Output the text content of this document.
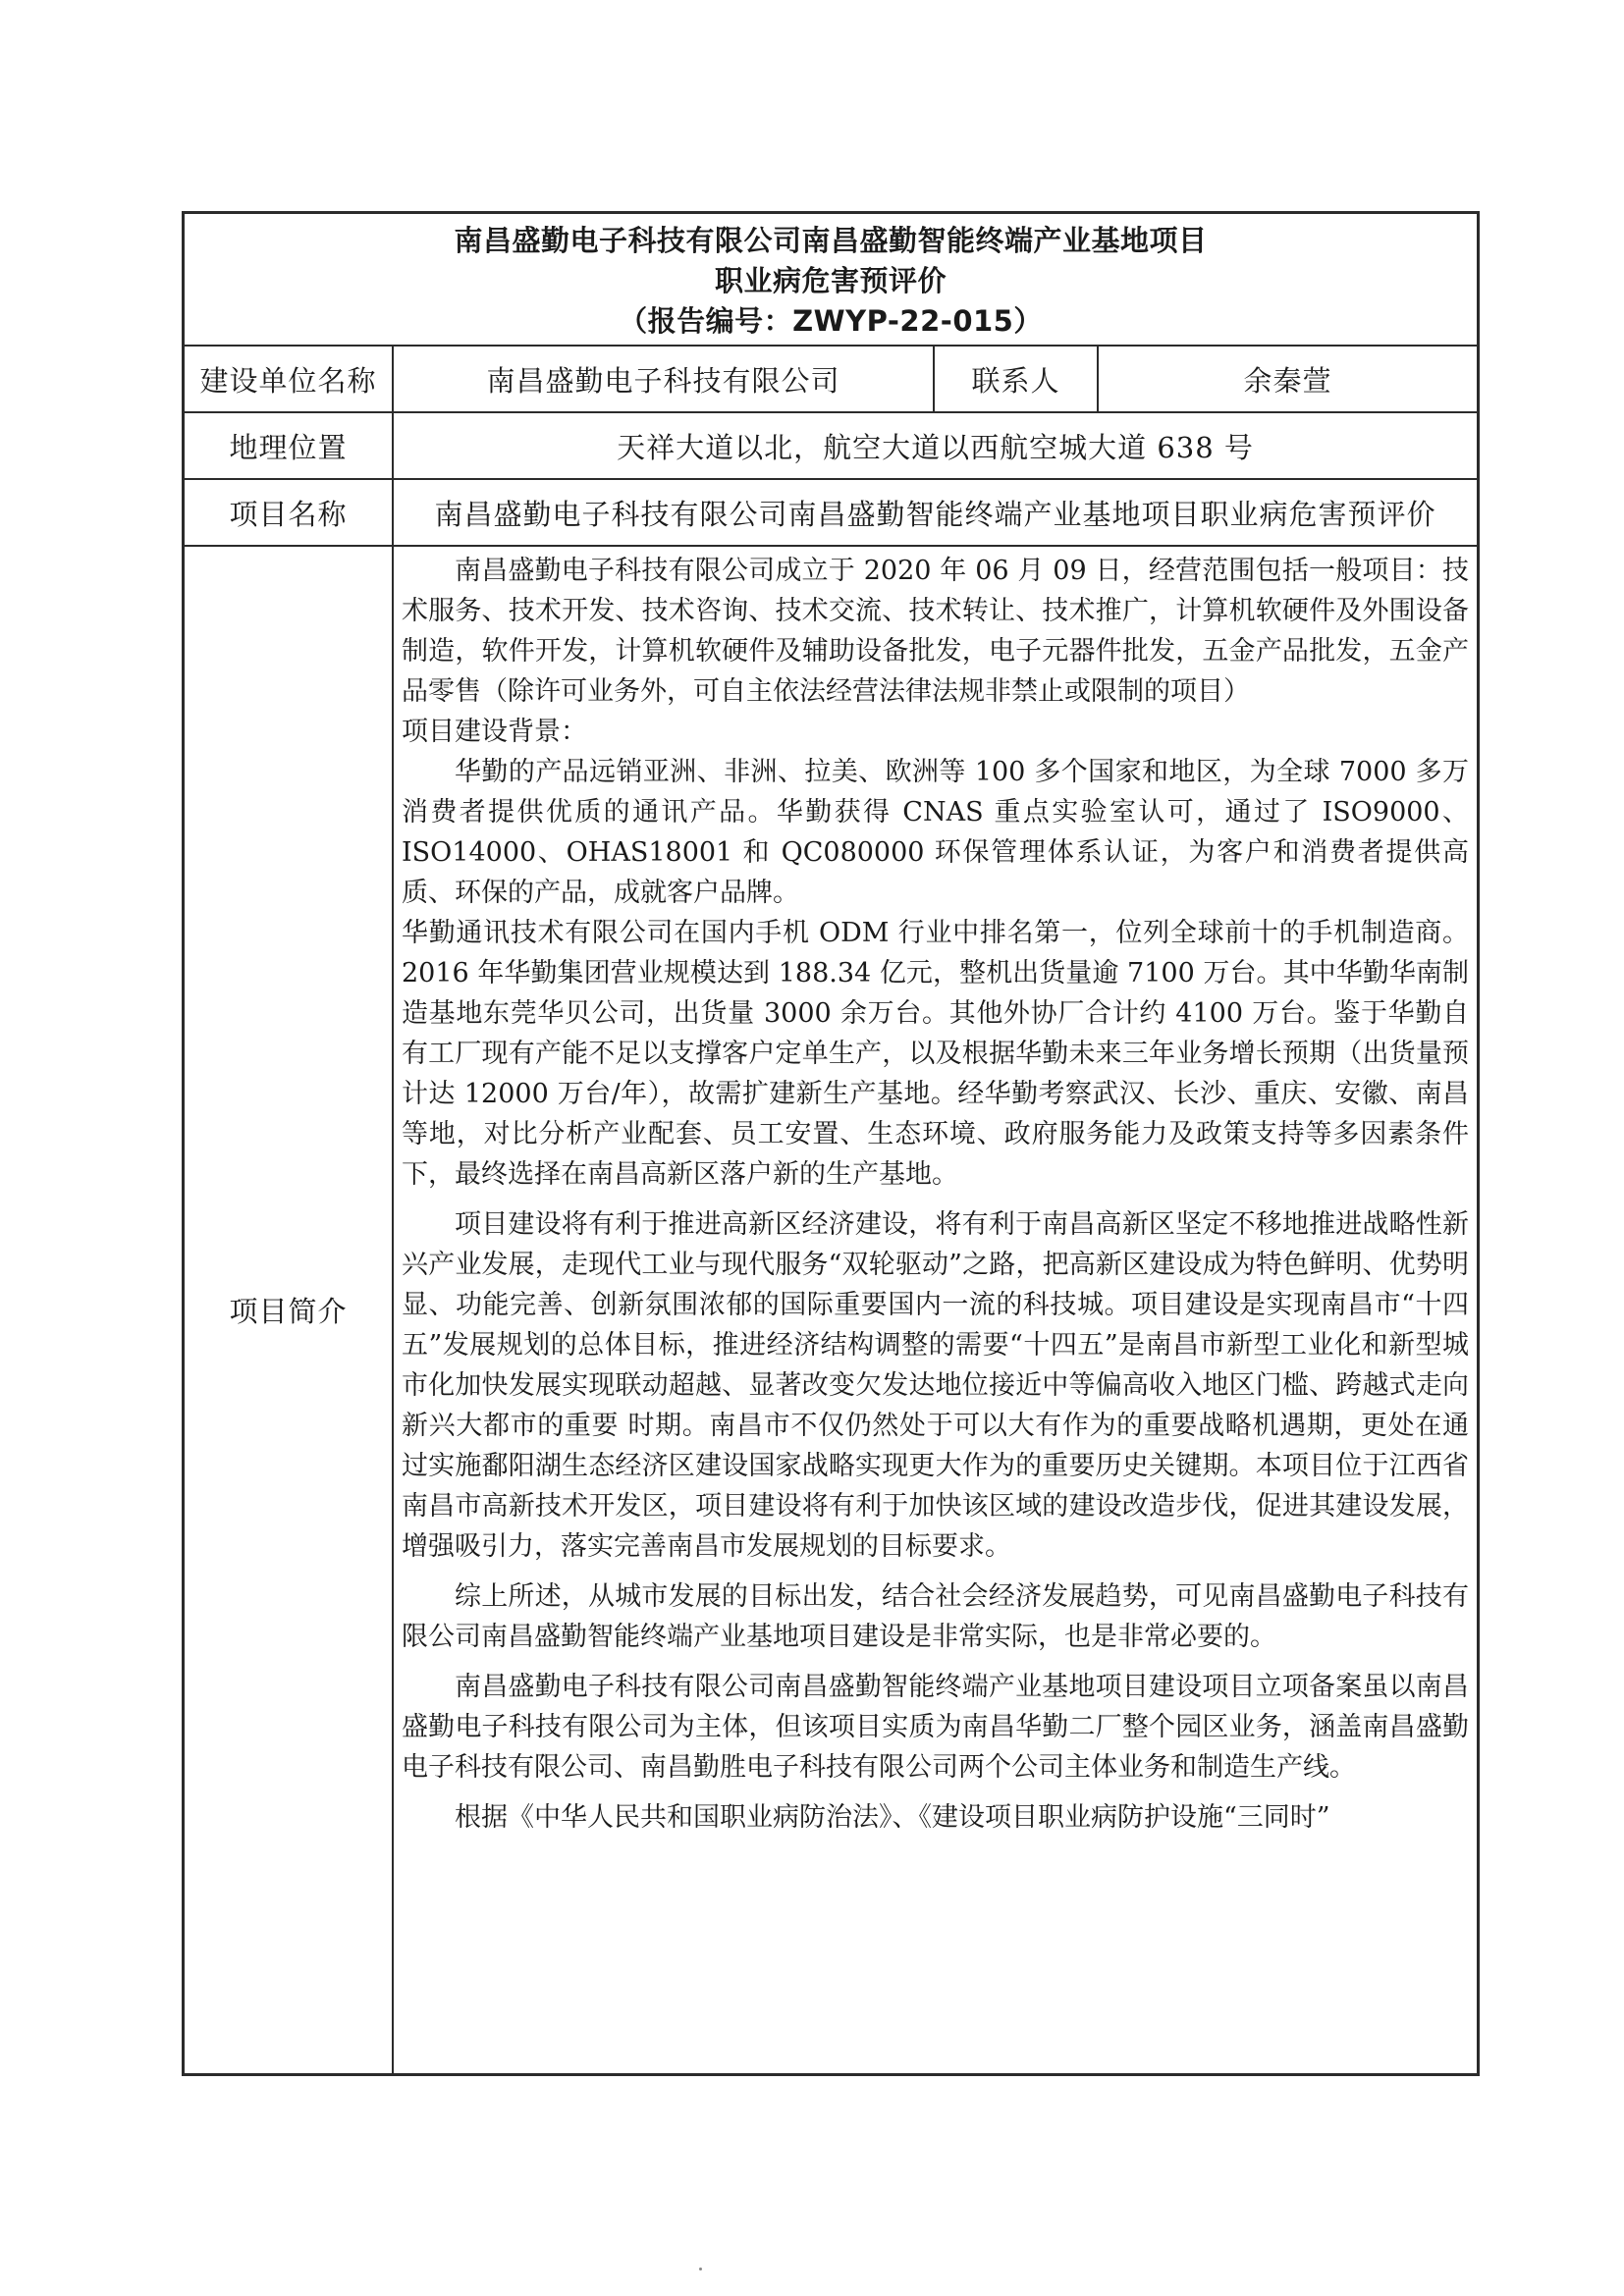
南昌盛勤电子科技有限公司南昌盛勤智能终端产业基地项目
职业病危害预评价
（报告编号：ZWYP-22-015）
建设单位名称	南昌盛勤电子科技有限公司	联系人	余秦萱
地理位置	天祥大道以北，航空大道以西航空城大道 638 号
项目名称	南昌盛勤电子科技有限公司南昌盛勤智能终端产业基地项目职业病危害预评价
项目简介

南昌盛勤电子科技有限公司成立于 2020 年 06 月 09 日，经营范围包括一般项目：技术服务、技术开发、技术咨询、技术交流、技术转让、技术推广，计算机软硬件及外围设备制造，软件开发，计算机软硬件及辅助设备批发，电子元器件批发，五金产品批发，五金产品零售（除许可业务外，可自主依法经营法律法规非禁止或限制的项目）

项目建设背景：

华勤的产品远销亚洲、非洲、拉美、欧洲等 100 多个国家和地区，为全球 7000 多万消费者提供优质的通讯产品。华勤获得 CNAS 重点实验室认可，通过了 ISO9000、ISO14000、OHAS18001 和 QC080000 环保管理体系认证，为客户和消费者提供高质、环保的产品，成就客户品牌。

华勤通讯技术有限公司在国内手机 ODM 行业中排名第一，位列全球前十的手机制造商。2016 年华勤集团营业规模达到 188.34 亿元，整机出货量逾 7100 万台。其中华勤华南制造基地东莞华贝公司，出货量 3000 余万台。其他外协厂合计约 4100 万台。鉴于华勤自有工厂现有产能不足以支撑客户定单生产，以及根据华勤未来三年业务增长预期（出货量预计达 12000 万台/年），故需扩建新生产基地。经华勤考察武汉、长沙、重庆、安徽、南昌等地，对比分析产业配套、员工安置、生态环境、政府服务能力及政策支持等多因素条件下，最终选择在南昌高新区落户新的生产基地。

项目建设将有利于推进高新区经济建设，将有利于南昌高新区坚定不移地推进战略性新兴产业发展，走现代工业与现代服务“双轮驱动”之路，把高新区建设成为特色鲜明、优势明显、功能完善、创新氛围浓郁的国际重要国内一流的科技城。项目建设是实现南昌市“十四五”发展规划的总体目标，推进经济结构调整的需要“十四五”是南昌市新型工业化和新型城市化加快发展实现联动超越、显著改变欠发达地位接近中等偏高收入地区门槛、跨越式走向新兴大都市的重要 时期。南昌市不仅仍然处于可以大有作为的重要战略机遇期，更处在通过实施鄱阳湖生态经济区建设国家战略实现更大作为的重要历史关键期。本项目位于江西省南昌市高新技术开发区，项目建设将有利于加快该区域的建设改造步伐，促进其建设发展，增强吸引力，落实完善南昌市发展规划的目标要求。

综上所述，从城市发展的目标出发，结合社会经济发展趋势，可见南昌盛勤电子科技有限公司南昌盛勤智能终端产业基地项目建设是非常实际，也是非常必要的。

南昌盛勤电子科技有限公司南昌盛勤智能终端产业基地项目建设项目立项备案虽以南昌盛勤电子科技有限公司为主体，但该项目实质为南昌华勤二厂整个园区业务，涵盖南昌盛勤电子科技有限公司、南昌勤胜电子科技有限公司两个公司主体业务和制造生产线。

根据《中华人民共和国职业病防治法》、《建设项目职业病防护设施“三同时”
